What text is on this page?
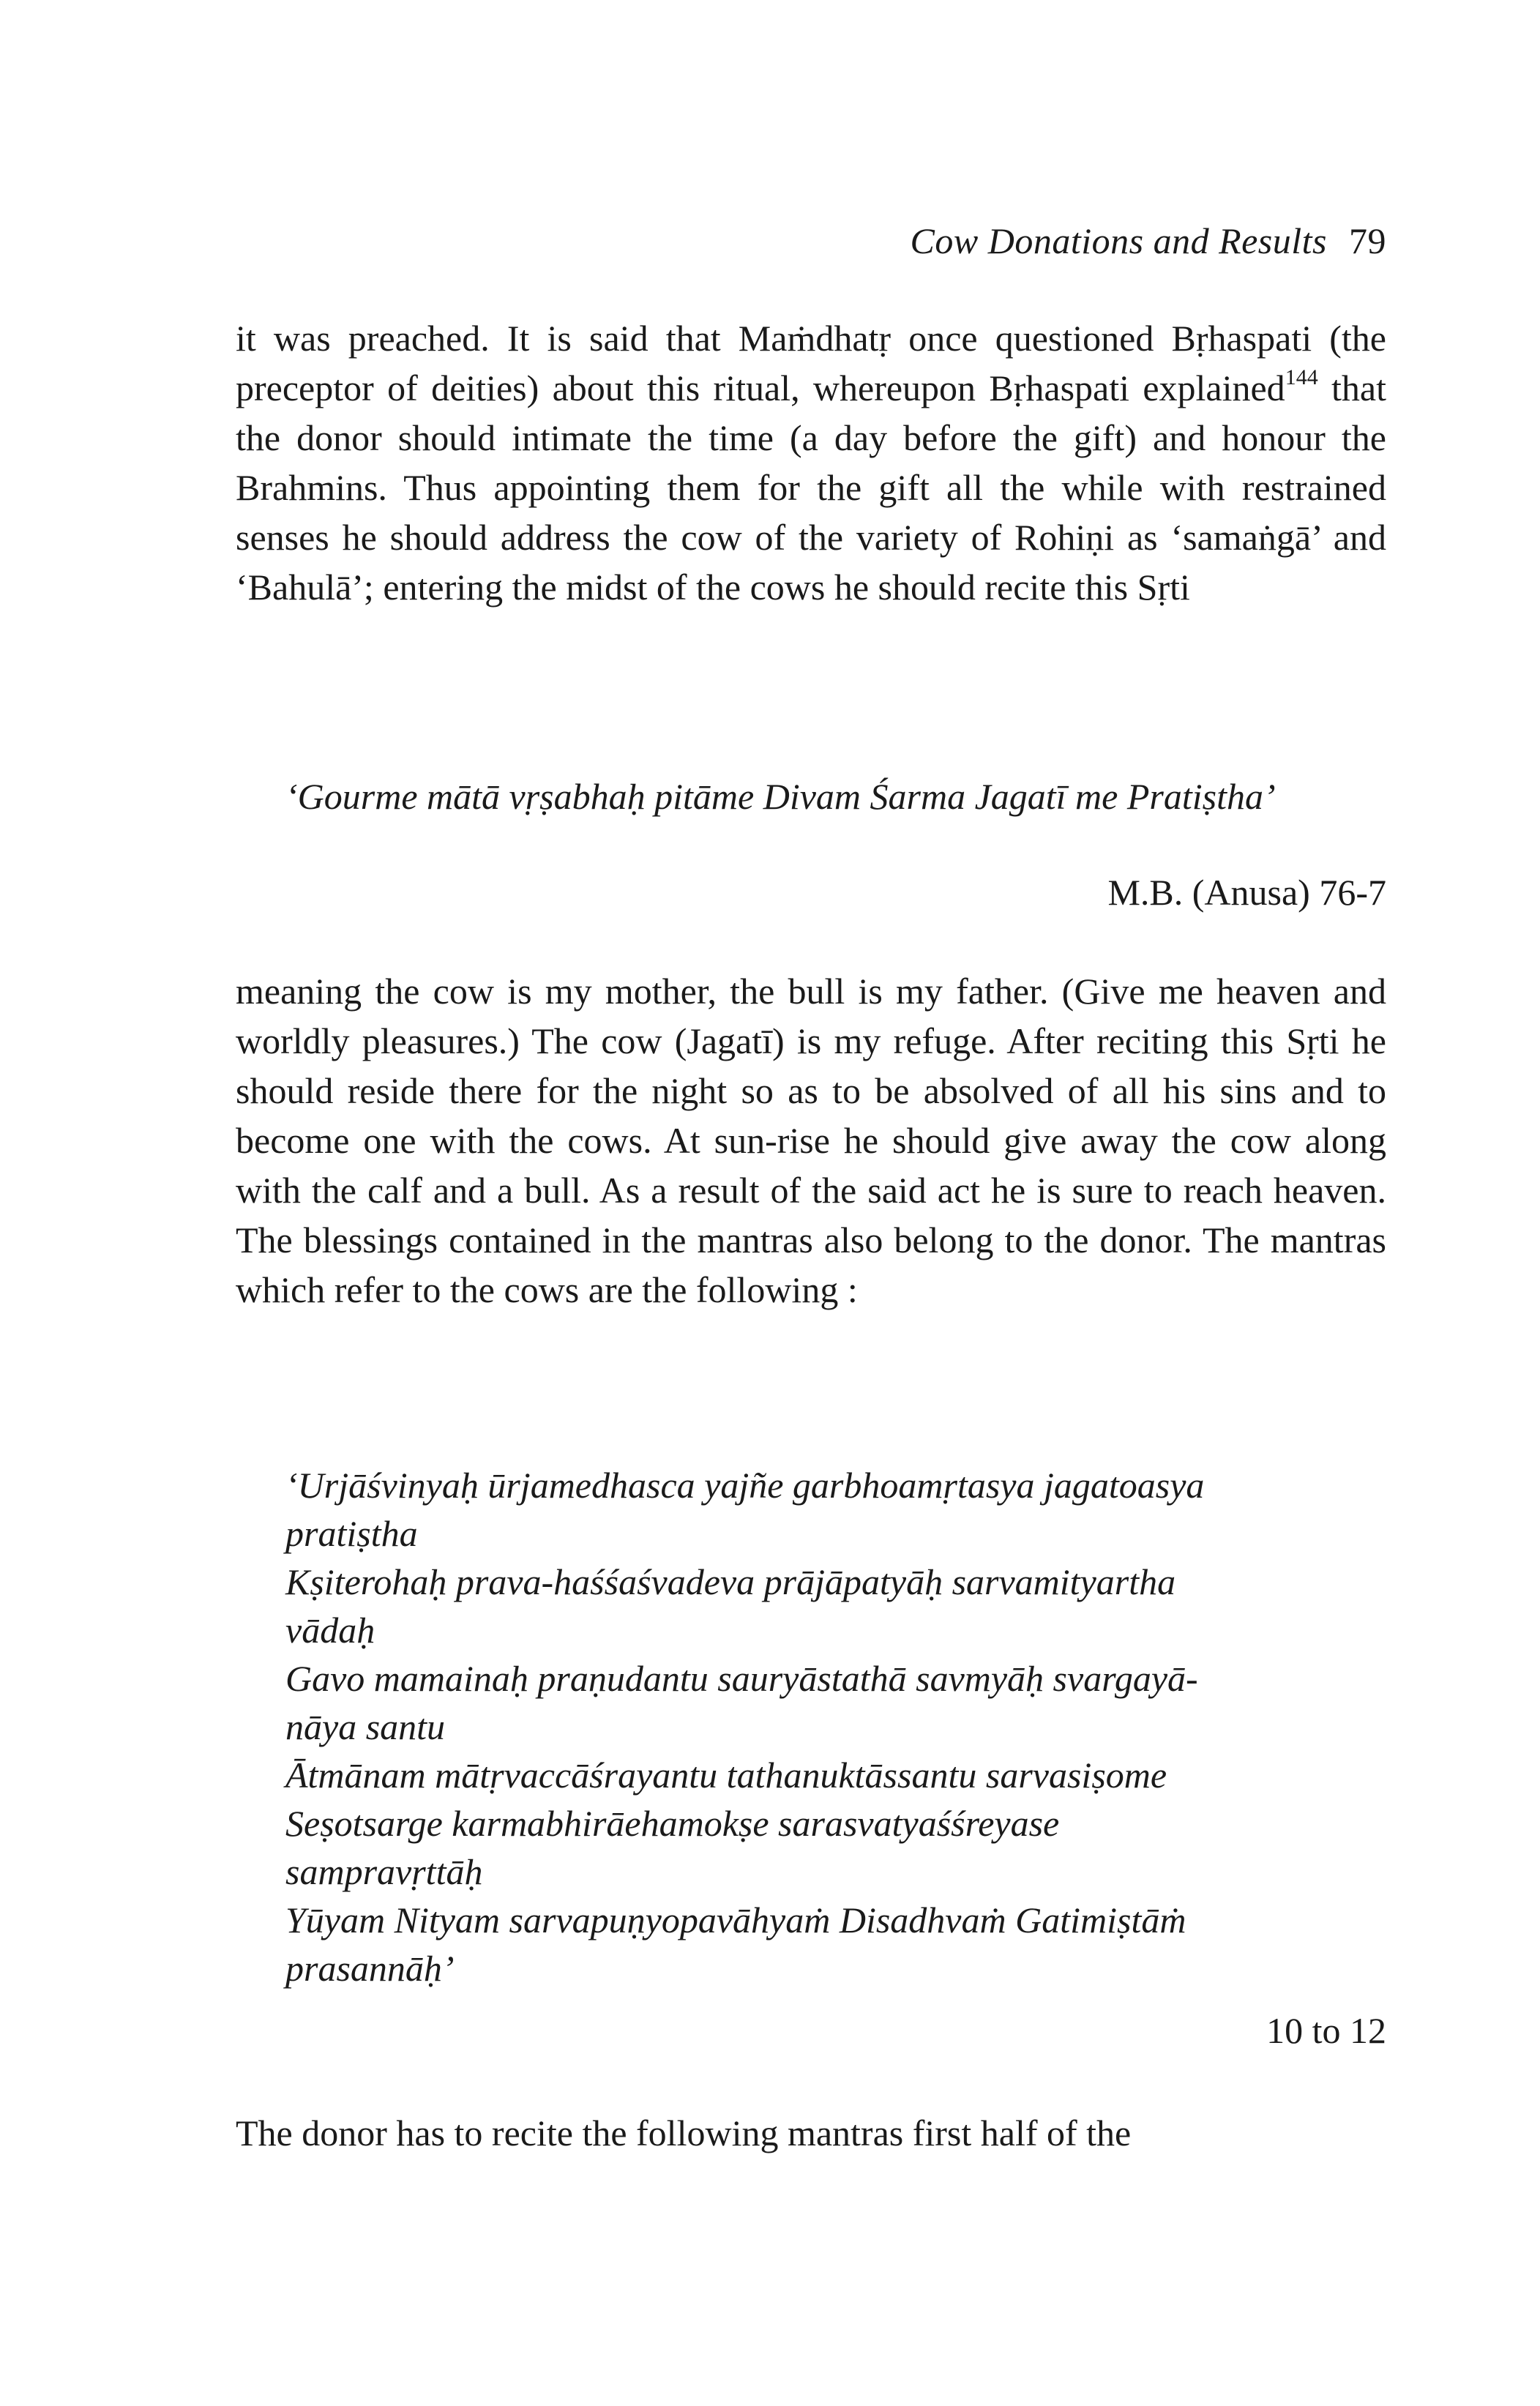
Cow Donations and Results 79

it was preached. It is said that Maṁdhatṛ once questioned Bṛhaspati (the preceptor of deities) about this ritual, whereupon Bṛhaspati explained$^{144}$ that the donor should intimate the time (a day before the gift) and honour the Brahmins. Thus appointing them for the gift all the while with restrained senses he should address the cow of the variety of Rohiṇi as ‘samaṅgā’ and ‘Bahulā’; entering the midst of the cows he should recite this Sṛti

‘Gourme mātā vṛṣabhaḥ pitāme Divam Śarma Jagatī me Pratiṣtha’

M.B. (Anusa) 76-7

meaning the cow is my mother, the bull is my father. (Give me heaven and worldly pleasures.) The cow (Jagatī) is my refuge. After reciting this Sṛti he should reside there for the night so as to be absolved of all his sins and to become one with the cows. At sun-rise he should give away the cow along with the calf and a bull. As a result of the said act he is sure to reach heaven. The blessings contained in the mantras also belong to the donor. The mantras which refer to the cows are the following :

‘Urjāśvinyaḥ ūrjamedhasca yajñe garbhoamṛtasya jagatoasya
pratiṣtha
Kṣiterohaḥ prava-haśśaśvadeva prājāpatyāḥ sarvamityartha
vādaḥ
Gavo mamainaḥ praṇudantu sauryāstathā savmyāḥ svargayā-
nāya santu
Ātmānam mātṛvaccāśrayantu tathanuktāssantu sarvasiṣome
Seṣotsarge karmabhirāehamokṣe sarasvatyaśśreyase
sampravṛttāḥ
Yūyam Nityam sarvapuṇyopavāhyaṁ Disadhvaṁ Gatimiṣtāṁ
prasannāḥ’
10 to 12

The donor has to recite the following mantras first half of the
